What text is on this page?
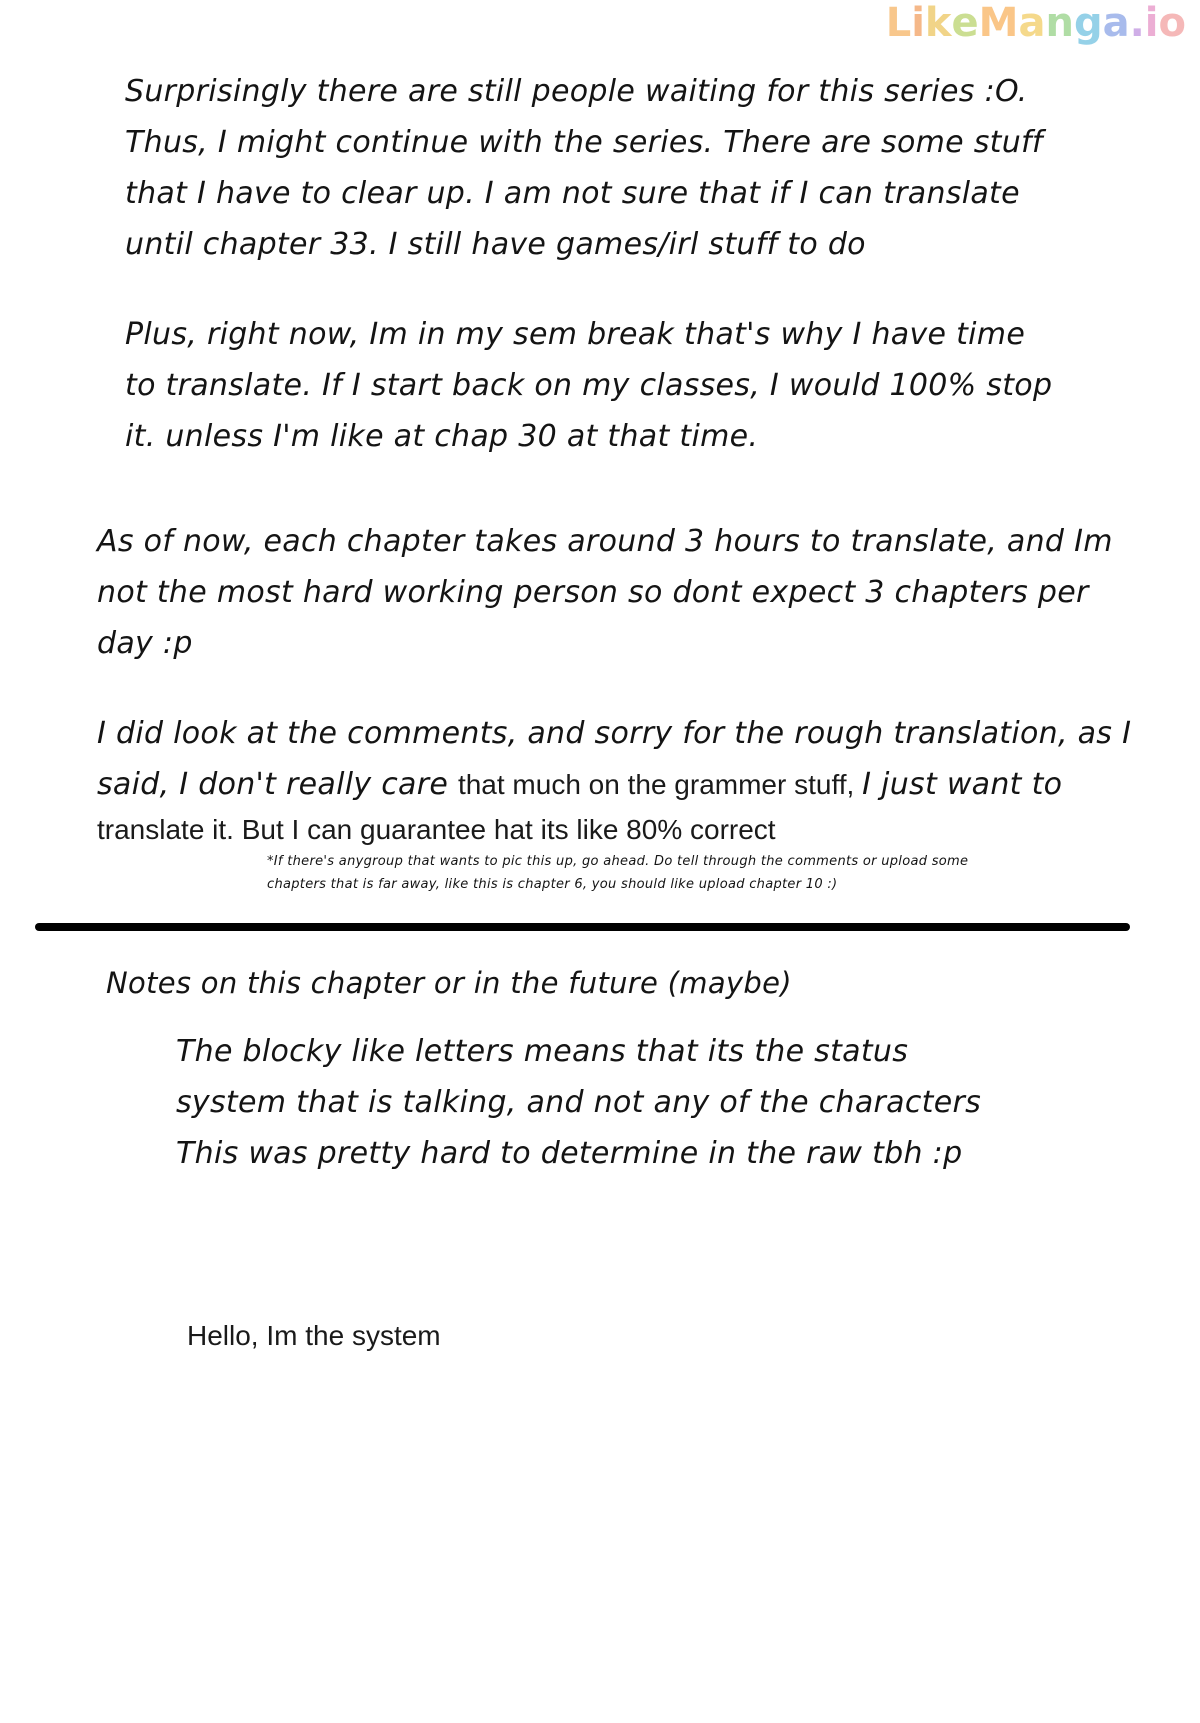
LikeManga.io
Surprisingly there are still people waiting for this series :O.
Thus, I might continue with the series. There are some stuff
that I have to clear up. I am not sure that if I can translate
until chapter 33. I still have games/irl stuff to do
Plus, right now, Im in my sem break that's why I have time
to translate. If I start back on my classes, I would 100% stop
it. unless I'm like at chap 30 at that time.
As of now, each chapter takes around 3 hours to translate, and Im
not the most hard working person so dont expect 3 chapters per
day :p
I did look at the comments, and sorry for the rough translation, as I
said, I don't really care that much on the grammer stuff, I just want to
translate it. But I can guarantee hat its like 80% correct
*If there's anygroup that wants to pic this up, go ahead. Do tell through the comments or upload some
chapters that is far away, like this is chapter 6, you should like upload chapter 10 :)
Notes on this chapter or in the future (maybe)
The blocky like letters means that its the status
system that is talking, and not any of the characters
This was pretty hard to determine in the raw tbh :p
Hello, Im the system
